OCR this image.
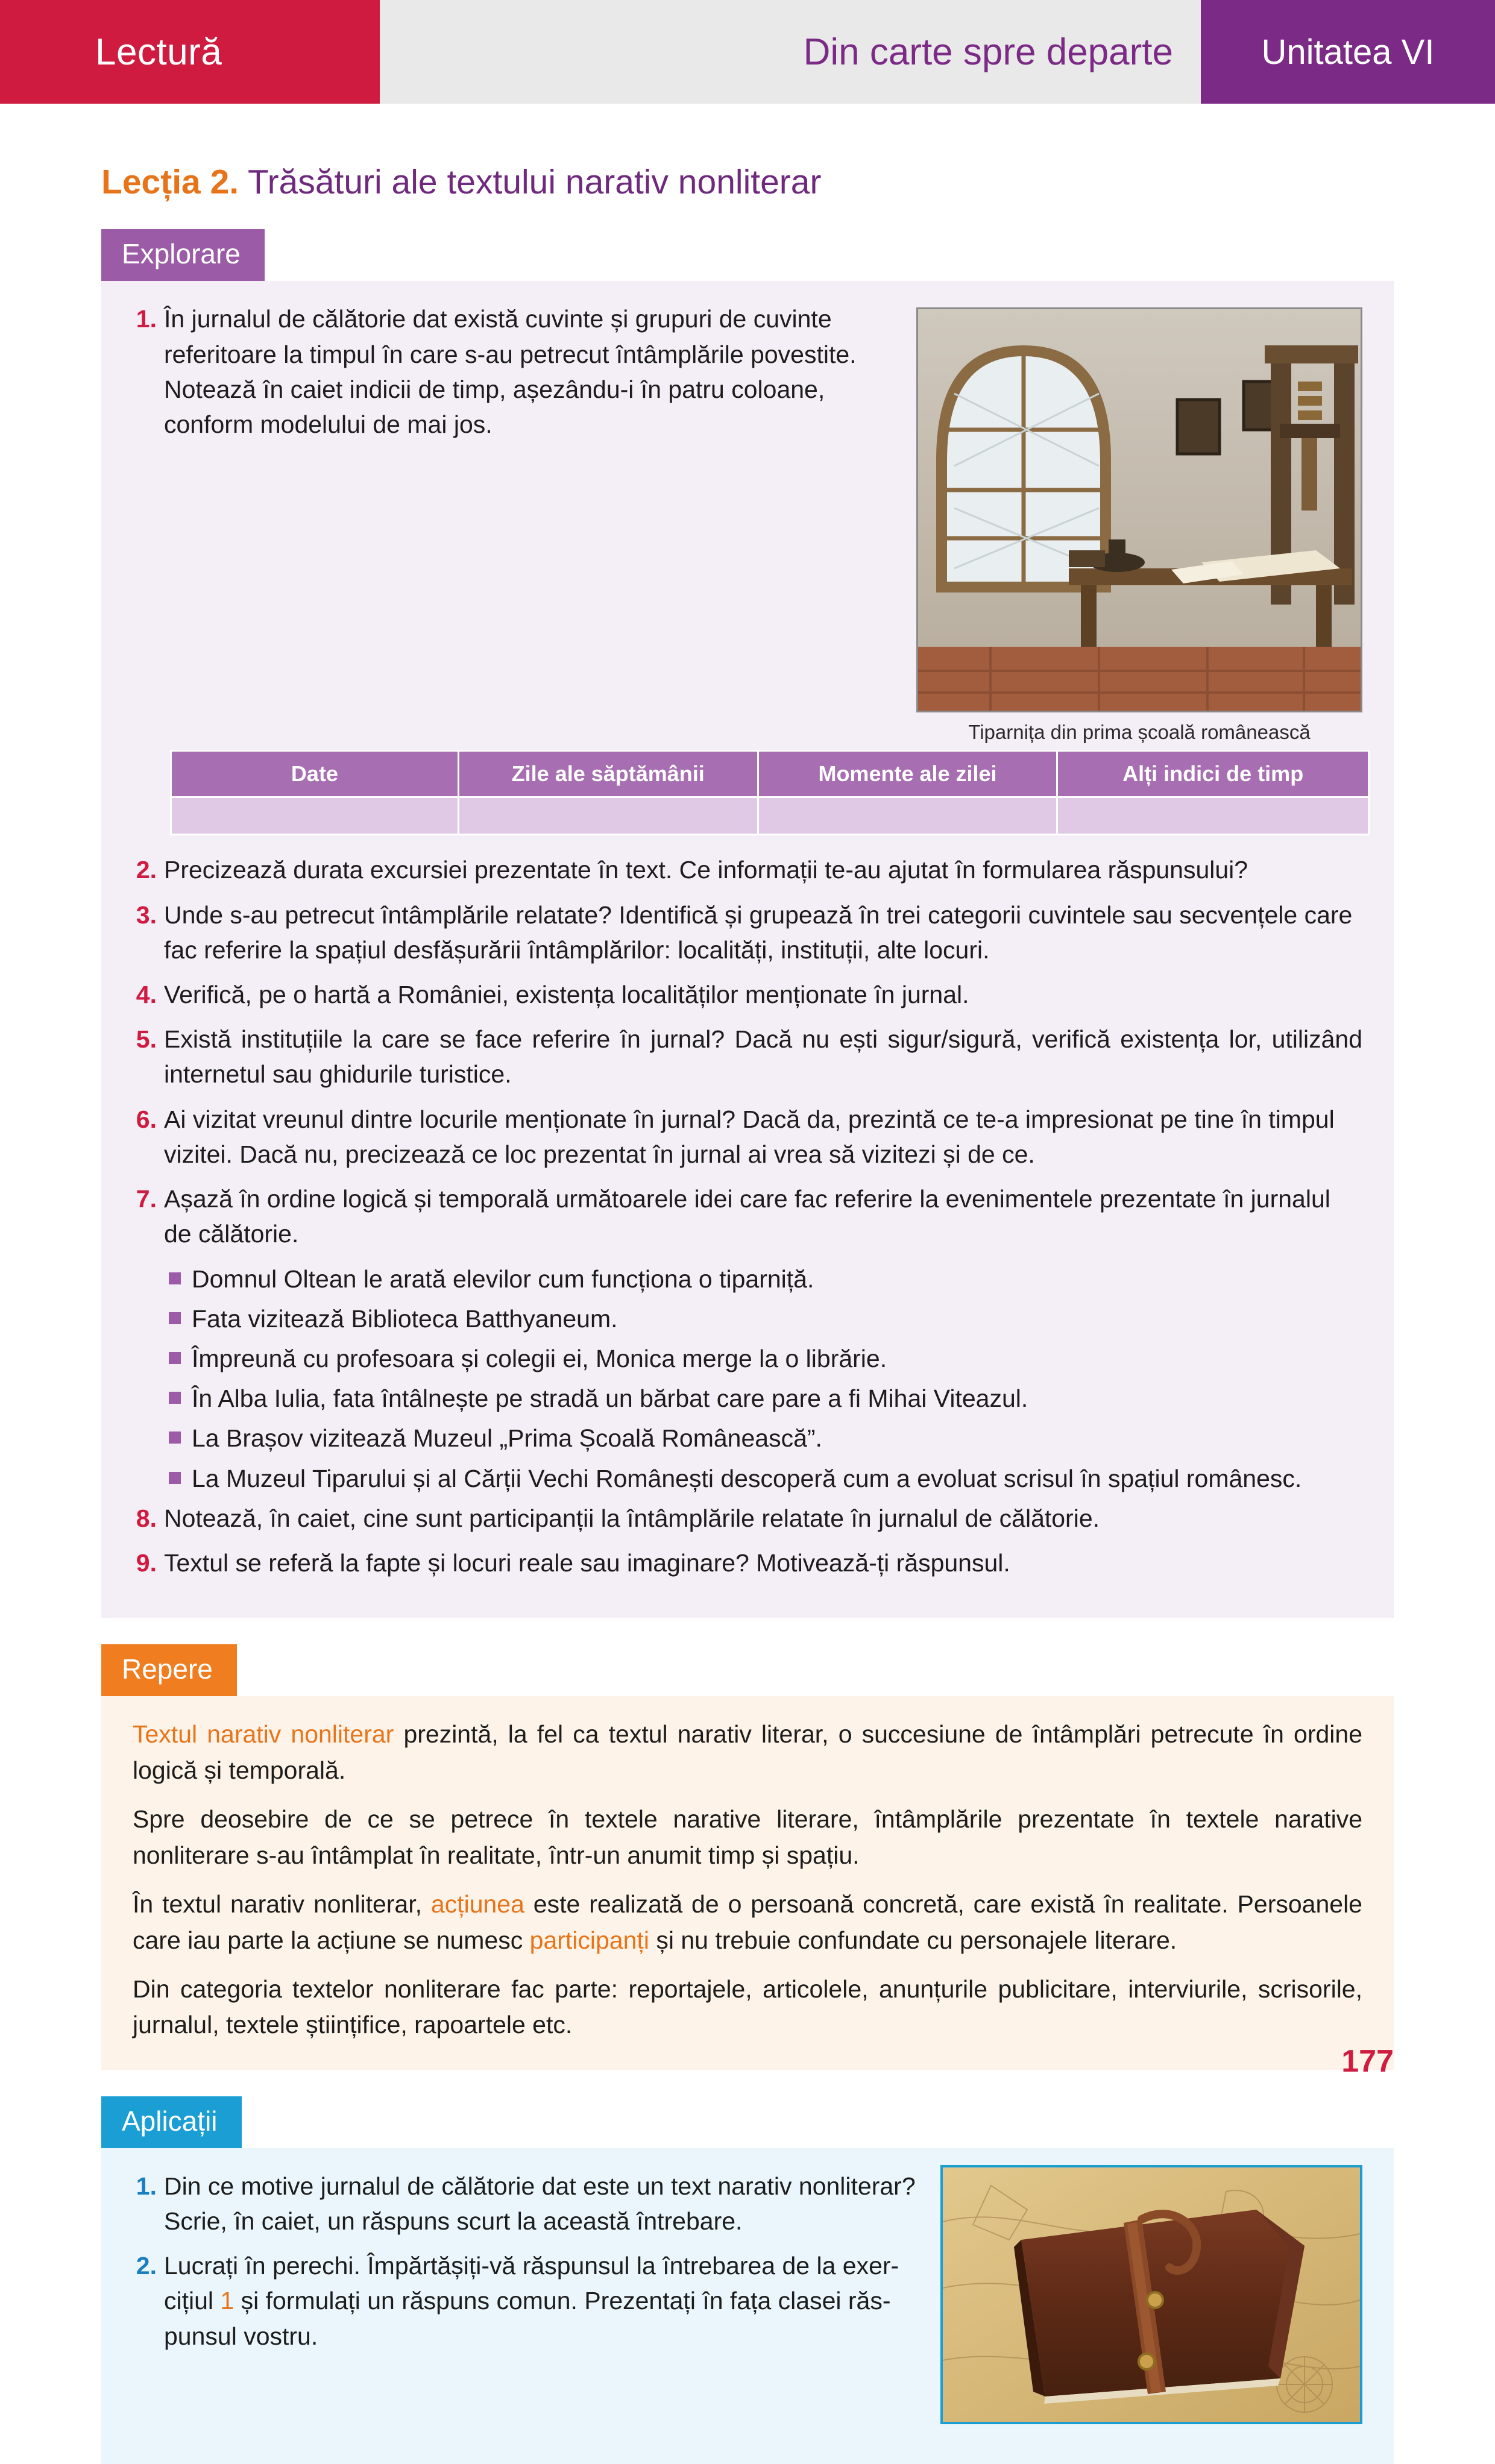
Lectură	Din carte spre departe	Unitatea VI
Lecția 2. Trăsături ale textului narativ nonliterar
Explorare
Tiparnița din prima școală românească
1. În jurnalul de călătorie dat există cuvinte și grupuri de cuvinte referitoare la timpul în care s-au petrecut întâmplările povestite. Notează în caiet indicii de timp, așezându-i în patru coloane, conform modelului de mai jos.
Date	Zile ale săptămânii	Momente ale zilei	Alți indici de timp

2. Precizează durata excursiei prezentate în text. Ce informații te-au ajutat în formularea răspunsului?
3. Unde s-au petrecut întâmplările relatate? Identifică și grupează în trei categorii cuvintele sau secvențele care fac referire la spațiul desfășurării întâmplărilor: localități, instituții, alte locuri.
4. Verifică, pe o hartă a României, existența localităților menționate în jurnal.
5. Există instituțiile la care se face referire în jurnal? Dacă nu ești sigur/sigură, verifică existența lor, utilizând internetul sau ghidurile turistice.
6. Ai vizitat vreunul dintre locurile menționate în jurnal? Dacă da, prezintă ce te-a impresionat pe tine în timpul vizitei. Dacă nu, precizează ce loc prezentat în jurnal ai vrea să vizitezi și de ce.
7. Așază în ordine logică și temporală următoarele idei care fac referire la evenimentele prezentate în jurnalul de călătorie.
Domnul Oltean le arată elevilor cum funcționa o tiparniță.
Fata vizitează Biblioteca Batthyaneum.
Împreună cu profesoara și colegii ei, Monica merge la o librărie.
În Alba Iulia, fata întâlnește pe stradă un bărbat care pare a fi Mihai Viteazul.
La Brașov vizitează Muzeul „Prima Școală Românească”.
La Muzeul Tiparului și al Cărții Vechi Românești descoperă cum a evoluat scrisul în spațiul românesc.
8. Notează, în caiet, cine sunt participanții la întâmplările relatate în jurnalul de călătorie.
9. Textul se referă la fapte și locuri reale sau imaginare? Motivează-ți răspunsul.
Repere

Textul narativ nonliterar prezintă, la fel ca textul narativ literar, o succesiune de întâmplări petrecute în ordine logică și temporală.

Spre deosebire de ce se petrece în textele narative literare, întâmplările prezentate în textele narative nonliterare s-au întâmplat în realitate, într-un anumit timp și spațiu.

În textul narativ nonliterar, acțiunea este realizată de o persoană concretă, care există în realitate. Persoanele care iau parte la acțiune se numesc participanți și nu trebuie confundate cu personajele literare.

Din categoria textelor nonliterare fac parte: reportajele, articolele, anunțurile publicitare, interviurile, scrisorile, jurnalul, textele științifice, rapoartele etc.

Aplicații
1. Din ce motive jurnalul de călătorie dat este un text narativ nonliterar? Scrie, în caiet, un răspuns scurt la această întrebare.
2. Lucrați în perechi. Împărtășiți-vă răspunsul la întrebarea de la exer-cițiul 1 și formulați un răspuns comun. Prezentați în fața clasei răs-punsul vostru.
177
